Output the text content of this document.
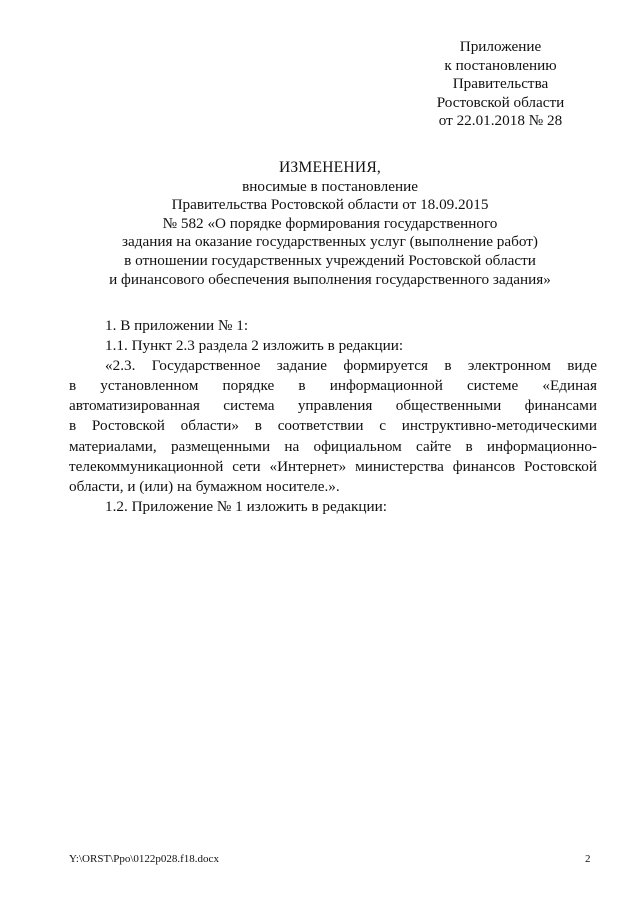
Приложение
к постановлению
Правительства
Ростовской области
от 22.01.2018 № 28
ИЗМЕНЕНИЯ,
вносимые в постановление
Правительства Ростовской области от 18.09.2015
№ 582 «О порядке формирования государственного
задания на оказание государственных услуг (выполнение работ)
в отношении государственных учреждений Ростовской области
и финансового обеспечения выполнения государственного задания»

1. В приложении № 1:

1.1. Пункт 2.3 раздела 2 изложить в редакции:

«2.3. Государственное задание формируется в электронном виде
в установленном порядке в информационной системе «Единая
автоматизированная система управления общественными финансами
в Ростовской области» в соответствии с инструктивно-методическими
материалами, размещенными на официальном сайте в информационно-
телекоммуникационной сети «Интернет» министерства финансов Ростовской
области, и (или) на бумажном носителе.».

1.2. Приложение № 1 изложить в редакции:

Y:\ORST\Ppo\0122p028.f18.docx	2
